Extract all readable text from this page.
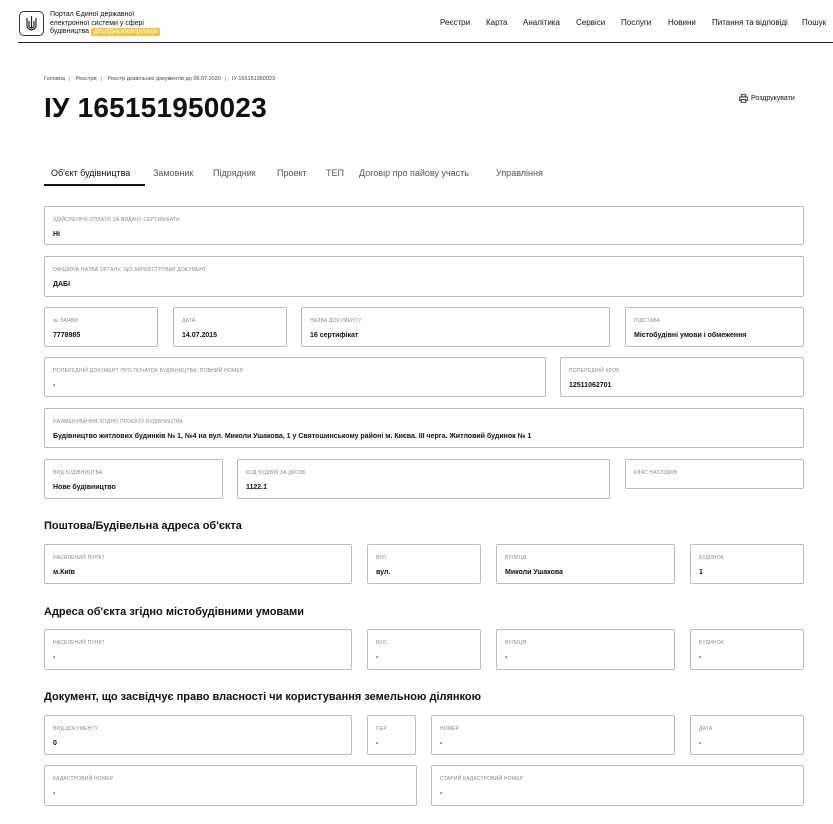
Портал Єдиної державної
електронної системи у сфері
будівництва Дослідна експлуатація
Реєстри Карта Аналітика Сервіси Послуги Новини Питання та відповіді Пошук
Головна | Реєстри | Реєстр дозвільних документів до 06.07.2020 | ІУ 165151950023
ІУ 165151950023	Роздрукувати
Об'єкт будівництва	Замовник Підрядник Проект ТЕП Договір про пайову участь	Управління
ЗДІЙСНЕННЯ ОПЛАТИ ЗА ВИДАЧУ СЕРТИФІКАТА
Ні
ОФІЦІЙНА НАЗВА ОРГАНУ, ЩО ЗАРЕЄСТРУВАВ ДОКУМЕНТ
ДАБІ
№ ЗАЯВИ
7778985
ДАТА
14.07.2015
НАЗВА ДОКУМЕНТУ
16 сертифікат
ПІДСТАВА
Містобудівні умови і обмеження
ПОПЕРЕДНІЙ ДОКУМЕНТ ПРО ПОЧАТОК БУДІВНИЦТВА, ПОВНИЙ НОМЕР
-
ПОПЕРЕДНІЙ КРОК
12511062701
НАЙМЕНУВАННЯ ЗГІДНО ПРОЕКТУ БУДІВНИЦТВА
Будівництво житлових будинків № 1, №4 на вул. Миколи Ушакова, 1 у Святошинському районі м. Києва. ІІІ черга. Житловий будинок № 1
ВИД БУДІВНИЦТВА
Нове будівництво
КОД БУДІВЛІ ЗА ДКОЗБ
1122.1
КЛАС НАСЛІДКІВ
Поштова/Будівельна адреса об'єкта
НАСЕЛЕНИЙ ПУНКТ
м.Київ
ВУЛ.
вул.
ВУЛИЦЯ
Миколи Ушакова
БУДИНОК
1
Адреса об'єкта згідно містобудівними умовами
НАСЕЛЕНИЙ ПУНКТ
-
ВУЛ.
-
ВУЛИЦЯ
-
БУДИНОК
-
Документ, що засвідчує право власності чи користування земельною ділянкою
ВИД ДОКУМЕНТУ
0
СЕР.
-
НОМЕР
-
ДАТА
-
КАДАСТРОВИЙ НОМЕР
-
СТАРИЙ КАДАСТРОВИЙ НОМЕР
-
